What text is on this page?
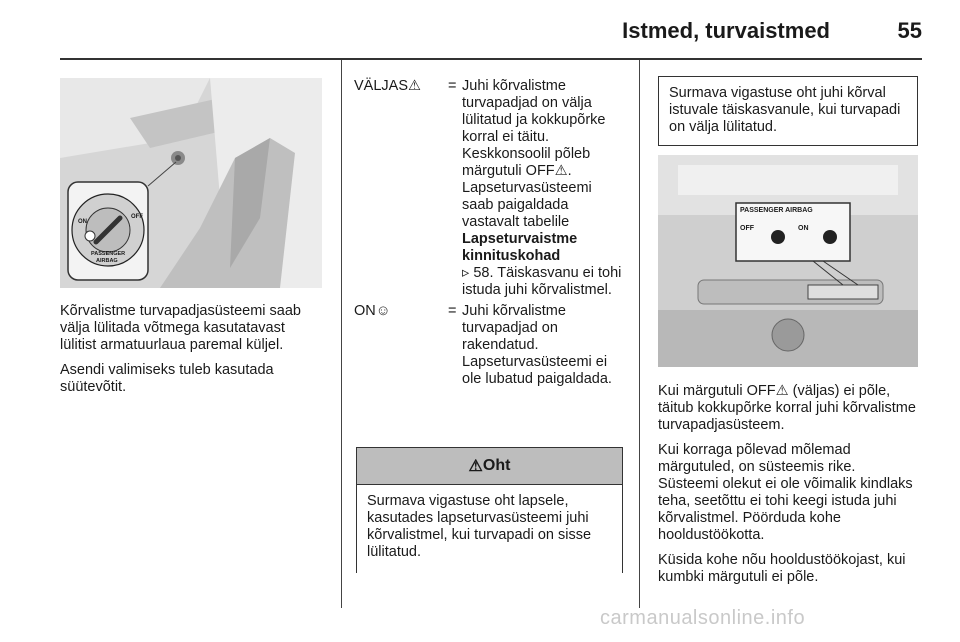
Istmed, turvaistmed	55
ON
OFF
PASSENGER
AIRBAG

Kõrvalistme turvapadjasüsteemi saab välja lülitada võtmega kasutatavast lülitist armatuurlaua paremal küljel.

Asendi valimiseks tuleb kasutada süütevõtit.

VÄLJAS⚠	= Juhi kõrvalistme turvapadjad on välja lülitatud ja kokkupõrke korral ei täitu. Keskkonsoolil põleb märgutuli OFF⚠. Lapseturvasüsteemi saab paigaldada vastavalt tabelile Lapseturvaistme kinnituskohad
▹ 58. Täiskasvanu ei tohi istuda juhi kõrvalistmel.
ON☺	= Juhi kõrvalistme turvapadjad on rakendatud. Lapseturvasüsteemi ei ole lubatud paigaldada.
⚠ Oht
Surmava vigastuse oht lapsele, kasutades lapseturvasüsteemi juhi kõrvalistmel, kui turvapadi on sisse lülitatud.
Surmava vigastuse oht juhi kõrval istuvale täiskasvanule, kui turvapadi on välja lülitatud.
PASSENGER AIRBAG
OFF	ON

Kui märgutuli OFF⚠ (väljas) ei põle, täitub kokkupõrke korral juhi kõrvalistme turvapadjasüsteem.

Kui korraga põlevad mõlemad märgutuled, on süsteemis rike. Süsteemi olekut ei ole võimalik kindlaks teha, seetõttu ei tohi keegi istuda juhi kõrvalistmel. Pöörduda kohe hooldustöökotta.

Küsida kohe nõu hooldustöökojast, kui kumbki märgutuli ei põle.

carmanualsonline.info
